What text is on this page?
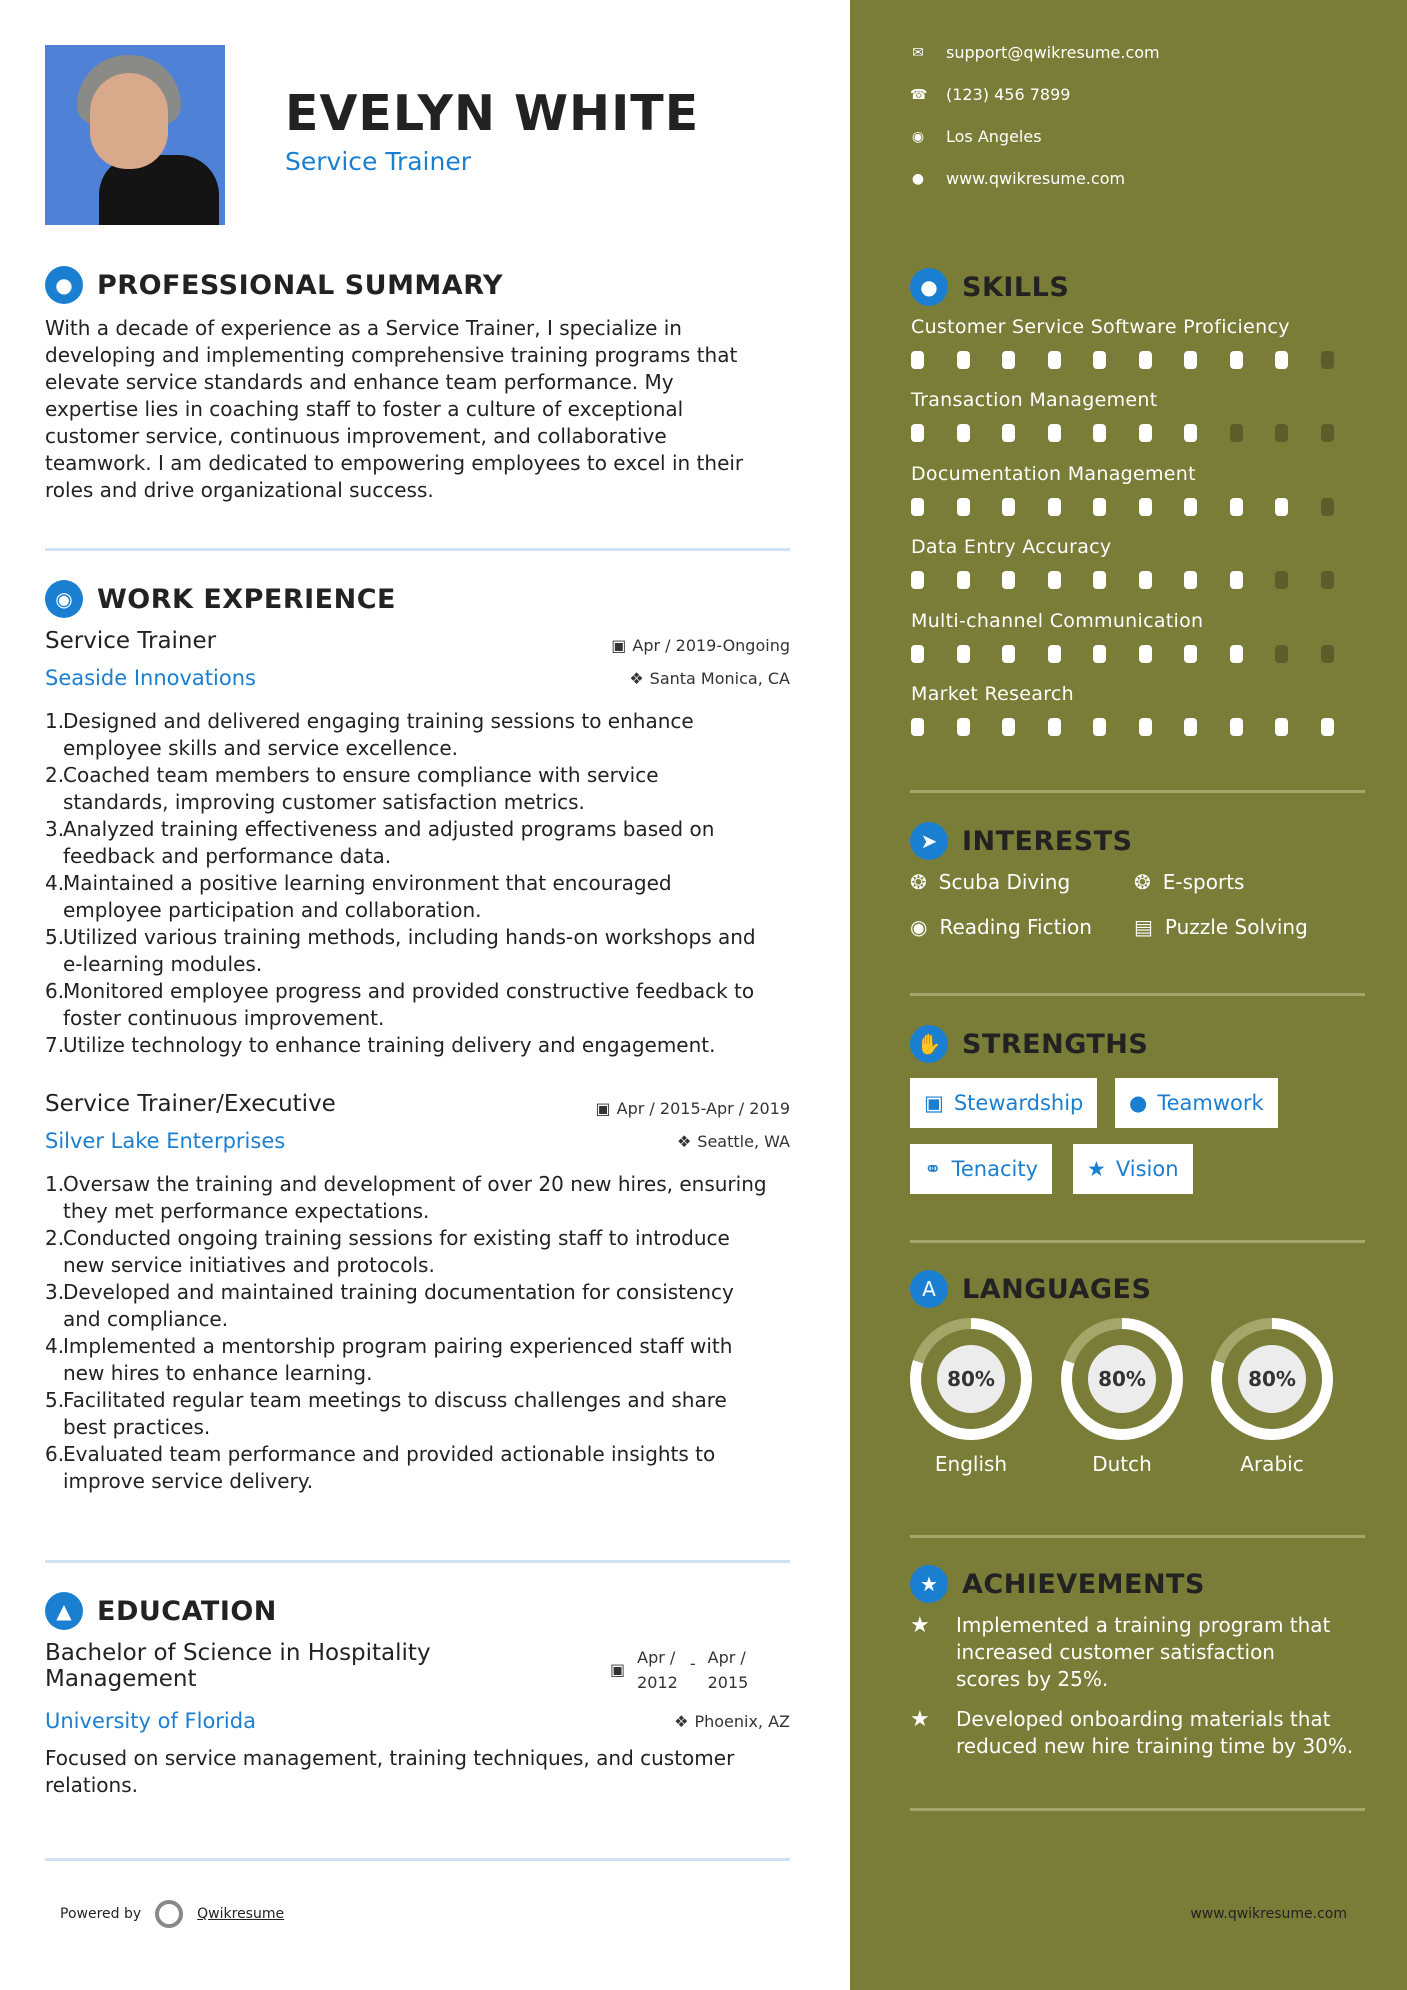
EVELYN WHITE
Service Trainer
● PROFESSIONAL SUMMARY
With a decade of experience as a Service Trainer, I specialize in
developing and implementing comprehensive training programs that
elevate service standards and enhance team performance. My
expertise lies in coaching staff to foster a culture of exceptional
customer service, continuous improvement, and collaborative
teamwork. I am dedicated to empowering employees to excel in their
roles and drive organizational success.
◉ WORK EXPERIENCE
Service Trainer	▣ Apr / 2019-Ongoing
Seaside Innovations	❖ Santa Monica, CA
1.
Designed and delivered engaging training sessions to enhance
employee skills and service excellence.
2.
Coached team members to ensure compliance with service
standards, improving customer satisfaction metrics.
3.
Analyzed training effectiveness and adjusted programs based on
feedback and performance data.
4.
Maintained a positive learning environment that encouraged
employee participation and collaboration.
5.
Utilized various training methods, including hands-on workshops and
e-learning modules.
6.
Monitored employee progress and provided constructive feedback to
foster continuous improvement.
7.
Utilize technology to enhance training delivery and engagement.
Service Trainer/Executive	▣ Apr / 2015-Apr / 2019
Silver Lake Enterprises	❖ Seattle, WA
1.
Oversaw the training and development of over 20 new hires, ensuring
they met performance expectations.
2.
Conducted ongoing training sessions for existing staff to introduce
new service initiatives and protocols.
3.
Developed and maintained training documentation for consistency
and compliance.
4.
Implemented a mentorship program pairing experienced staff with
new hires to enhance learning.
5.
Facilitated regular team meetings to discuss challenges and share
best practices.
6.
Evaluated team performance and provided actionable insights to
improve service delivery.
▲ EDUCATION
Bachelor of Science in Hospitality
Management	▣
Apr /
2012
- Apr /
2015
University of Florida	❖ Phoenix, AZ
Focused on service management, training techniques, and customer
relations.
Powered by	Qwikresume
✉ support@qwikresume.com
☎ (123) 456 7899
◉ Los Angeles
● www.qwikresume.com
● SKILLS
Customer Service Software Proficiency
Transaction Management
Documentation Management
Data Entry Accuracy
Multi-channel Communication
Market Research
➤ INTERESTS
❂ Scuba Diving	❂ E-sports
◉ Reading Fiction ▤ Puzzle Solving
✋ STRENGTHS
▣ Stewardship ● Teamwork
⚭ Tenacity ★ Vision
A LANGUAGES
80%
English
80%
Dutch
80%
Arabic
★ ACHIEVEMENTS
★	Implemented a training program that
increased customer satisfaction
scores by 25%.
★	Developed onboarding materials that
reduced new hire training time by 30%.
www.qwikresume.com
